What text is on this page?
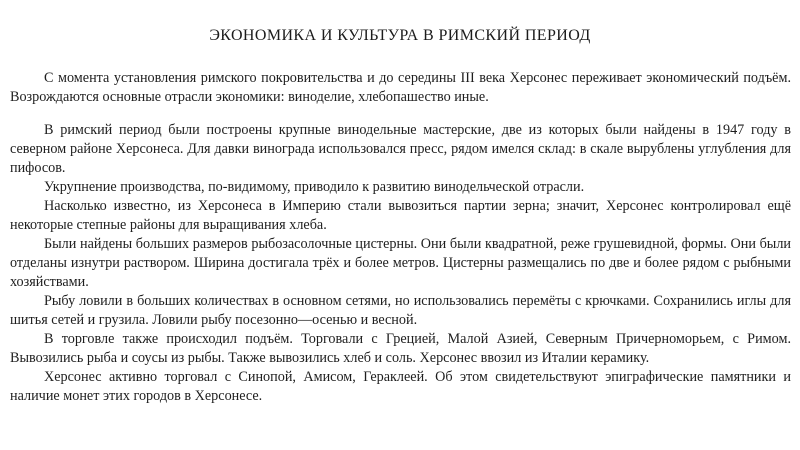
ЭКОНОМИКА И КУЛЬТУРА В РИМСКИЙ ПЕРИОД

С момента установления римского покровительства и до середины III века Херсонес переживает экономический подъём. Возрождаются основные отрасли экономики: виноделие, хлебопашество иные.

В римский период были построены крупные винодельные мастерские, две из которых были найдены в 1947 году в северном районе Херсонеса. Для давки винограда использовался пресс, рядом имелся склад: в скале вырублены углубления для пифосов.

Укрупнение производства, по-видимому, приводило к развитию винодельческой отрасли.

Насколько известно, из Херсонеса в Империю стали вывозиться партии зерна; значит, Херсонес контролировал ещё некоторые степные районы для выращивания хлеба.

Были найдены больших размеров рыбозасолочные цистерны. Они были квадратной, реже грушевидной, формы. Они были отделаны изнутри раствором. Ширина достигала трёх и более метров. Цистерны размещались по две и более рядом с рыбными хозяйствами.

Рыбу ловили в больших количествах в основном сетями, но использовались перемёты с крючками. Сохранились иглы для шитья сетей и грузила. Ловили рыбу посезонно—осенью и весной.

В торговле также происходил подъём. Торговали с Грецией, Малой Азией, Северным Причерноморьем, с Римом. Вывозились рыба и соусы из рыбы. Также вывозились хлеб и соль. Херсонес ввозил из Италии керамику.

Херсонес активно торговал с Синопой, Амисом, Гераклеей. Об этом свидетельствуют эпиграфические памятники и наличие монет этих городов в Херсонесе.
